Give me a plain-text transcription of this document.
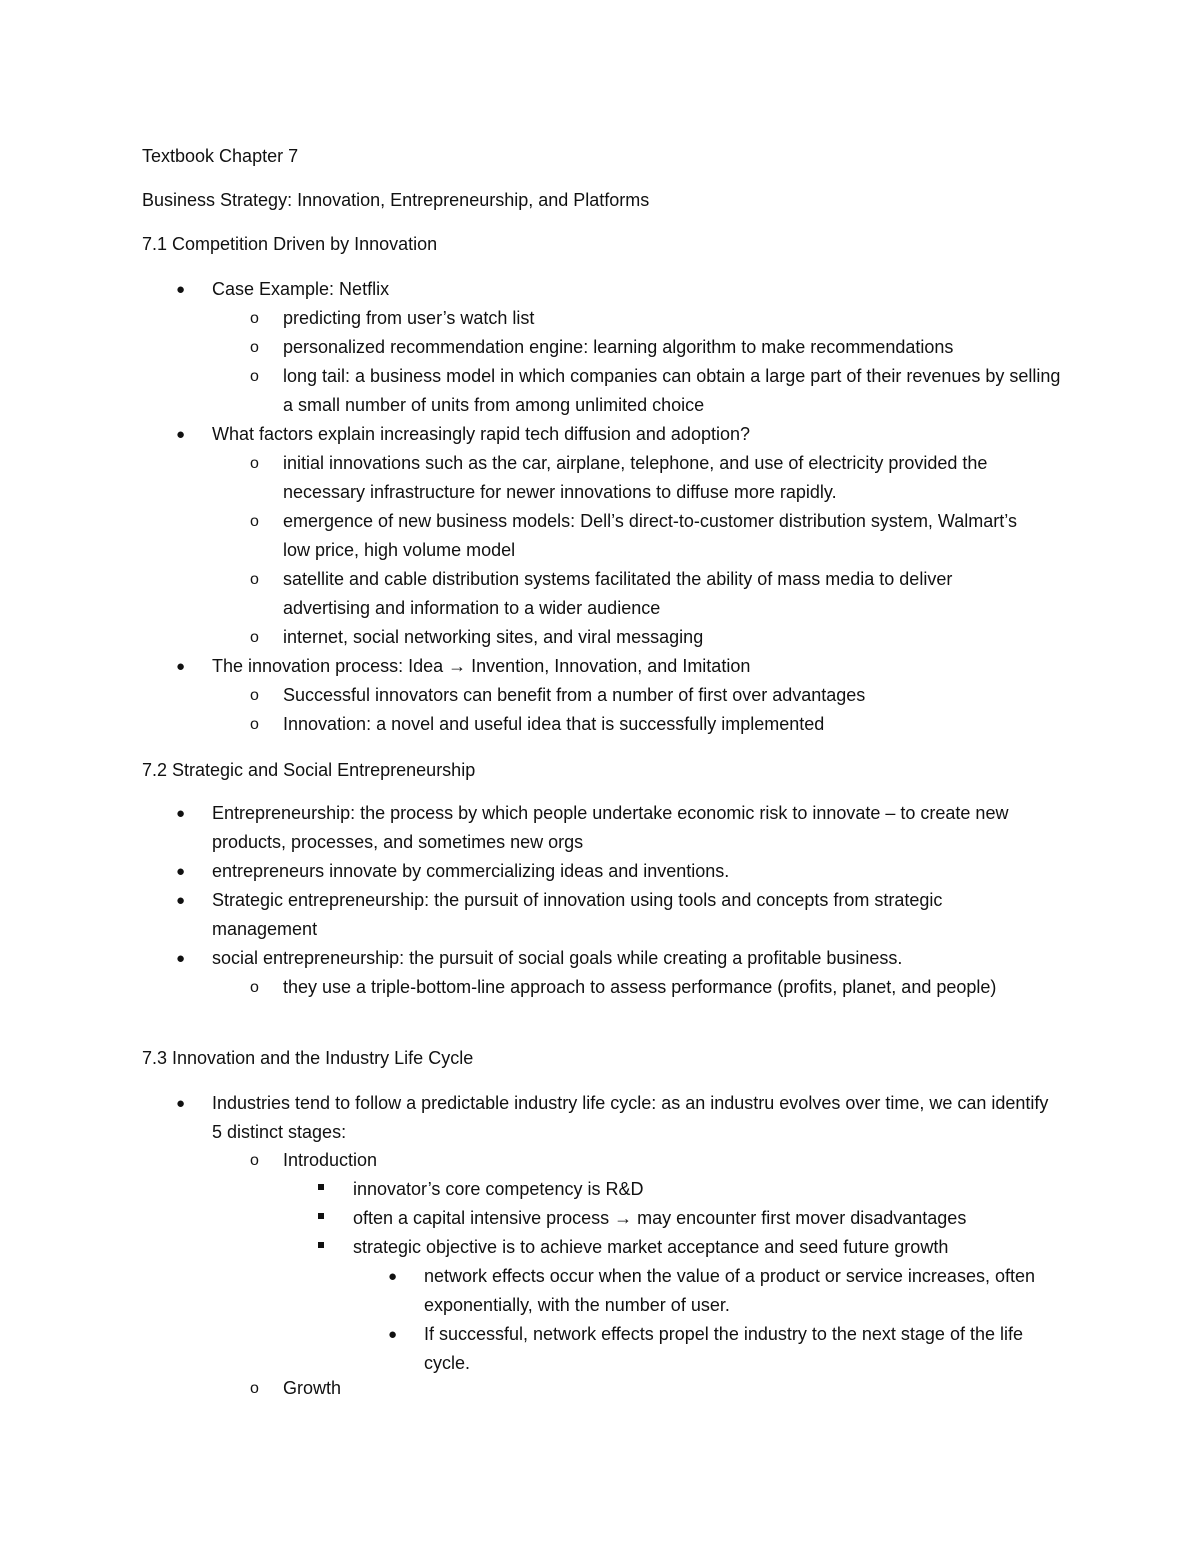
Textbook Chapter 7
Business Strategy: Innovation, Entrepreneurship, and Platforms
7.1 Competition Driven by Innovation
● Case Example: Netflix
o predicting from user’s watch list
o personalized recommendation engine: learning algorithm to make recommendations
o long tail: a business model in which companies can obtain a large part of their revenues by selling a small number of units from among unlimited choice
● What factors explain increasingly rapid tech diffusion and adoption?
o initial innovations such as the car, airplane, telephone, and use of electricity provided the necessary infrastructure for newer innovations to diffuse more rapidly.
o emergence of new business models: Dell’s direct-to-customer distribution system, Walmart’s low price, high volume model
o satellite and cable distribution systems facilitated the ability of mass media to deliver advertising and information to a wider audience
o internet, social networking sites, and viral messaging
● The innovation process: Idea → Invention, Innovation, and Imitation
o Successful innovators can benefit from a number of first over advantages
o Innovation: a novel and useful idea that is successfully implemented
7.2 Strategic and Social Entrepreneurship
● Entrepreneurship: the process by which people undertake economic risk to innovate – to create new products, processes, and sometimes new orgs
● entrepreneurs innovate by commercializing ideas and inventions.
● Strategic entrepreneurship: the pursuit of innovation using tools and concepts from strategic management
● social entrepreneurship: the pursuit of social goals while creating a profitable business.
o they use a triple-bottom-line approach to assess performance (profits, planet, and people)
7.3 Innovation and the Industry Life Cycle
● Industries tend to follow a predictable industry life cycle: as an industru evolves over time, we can identify 5 distinct stages:
o Introduction
innovator’s core competency is R&D
often a capital intensive process → may encounter first mover disadvantages
strategic objective is to achieve market acceptance and seed future growth
● network effects occur when the value of a product or service increases, often exponentially, with the number of user.
● If successful, network effects propel the industry to the next stage of the life cycle.
o Growth
